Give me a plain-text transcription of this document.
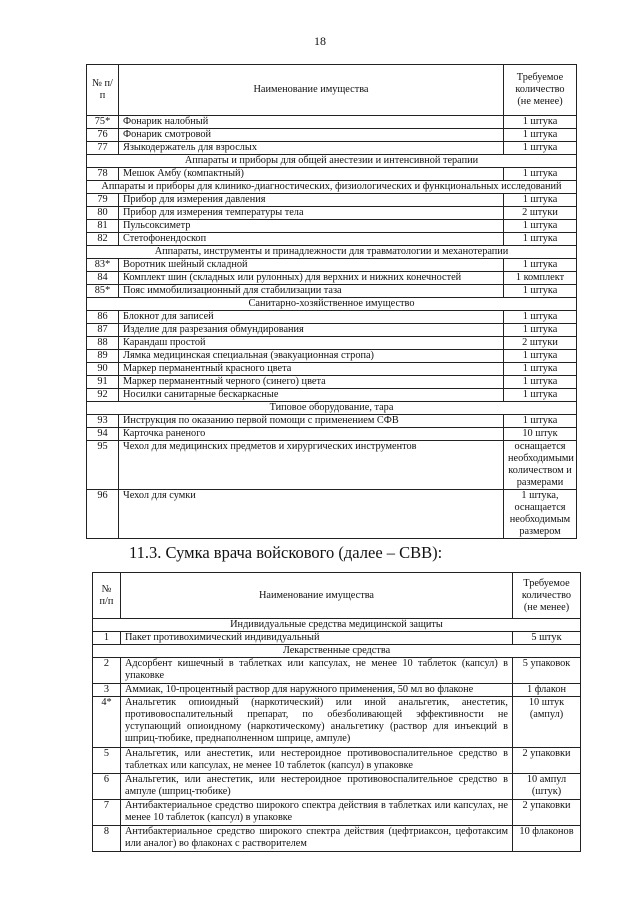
18
№ п/п	Наименование имущества	Требуемое количество (не менее)
75*	Фонарик налобный	1 штука
76	Фонарик смотровой	1 штука
77	Языкодержатель для взрослых	1 штука
Аппараты и приборы для общей анестезии и интенсивной терапии		
78	Мешок Амбу (компактный)	1 штука
Аппараты и приборы для клинико-диагностических, физиологических и функциональных исследований		
79	Прибор для измерения давления	1 штука
80	Прибор для измерения температуры тела	2 штуки
81	Пульсоксиметр	1 штука
82	Стетофонендоскоп	1 штука
Аппараты, инструменты и принадлежности для травматологии и механотерапии		
83*	Воротник шейный складной	1 штука
84	Комплект шин (складных или рулонных) для верхних и нижних конечностей	1 комплект
85*	Пояс иммобилизационный для стабилизации таза	1 штука
Санитарно-хозяйственное имущество		
86	Блокнот для записей	1 штука
87	Изделие для разрезания обмундирования	1 штука
88	Карандаш простой	2 штуки
89	Лямка медицинская специальная (эвакуационная стропа)	1 штука
90	Маркер перманентный красного цвета	1 штука
91	Маркер перманентный черного (синего) цвета	1 штука
92	Носилки санитарные бескаркасные	1 штука
Типовое оборудование, тара		
93	Инструкция по оказанию первой помощи с применением СФВ	1 штука
94	Карточка раненого	10 штук
95	Чехол для медицинских предметов и хирургических инструментов	оснащается необходимыми количеством и размерами
96	Чехол для сумки	1 штука, оснащается необходимым размером
11.3. Сумка врача войскового (далее – СВВ):
№ п/п	Наименование имущества	Требуемое количество (не менее)
Индивидуальные средства медицинской защиты		
1	Пакет противохимический индивидуальный	5 штук
Лекарственные средства		
2	Адсорбент кишечный в таблетках или капсулах, не менее 10 таблеток (капсул) в упаковке	5 упаковок
3	Аммиак, 10-процентный раствор для наружного применения, 50 мл во флаконе	1 флакон
4*	Анальгетик опиоидный (наркотический) или иной анальгетик, анестетик, противовоспалительный препарат, по обезболивающей эффективности не уступающий опиоидному (наркотическому) анальгетику (раствор для инъекций в шприц-тюбике, преднаполненном шприце, ампуле)	10 штук (ампул)
5	Анальгетик, или анестетик, или нестероидное противовоспалительное средство в таблетках или капсулах, не менее 10 таблеток (капсул) в упаковке	2 упаковки
6	Анальгетик, или анестетик, или нестероидное противовоспалительное средство в ампуле (шприц-тюбике)	10 ампул (штук)
7	Антибактериальное средство широкого спектра действия в таблетках или капсулах, не менее 10 таблеток (капсул) в упаковке	2 упаковки
8	Антибактериальное средство широкого спектра действия (цефтриаксон, цефотаксим или аналог) во флаконах с растворителем	10 флаконов
